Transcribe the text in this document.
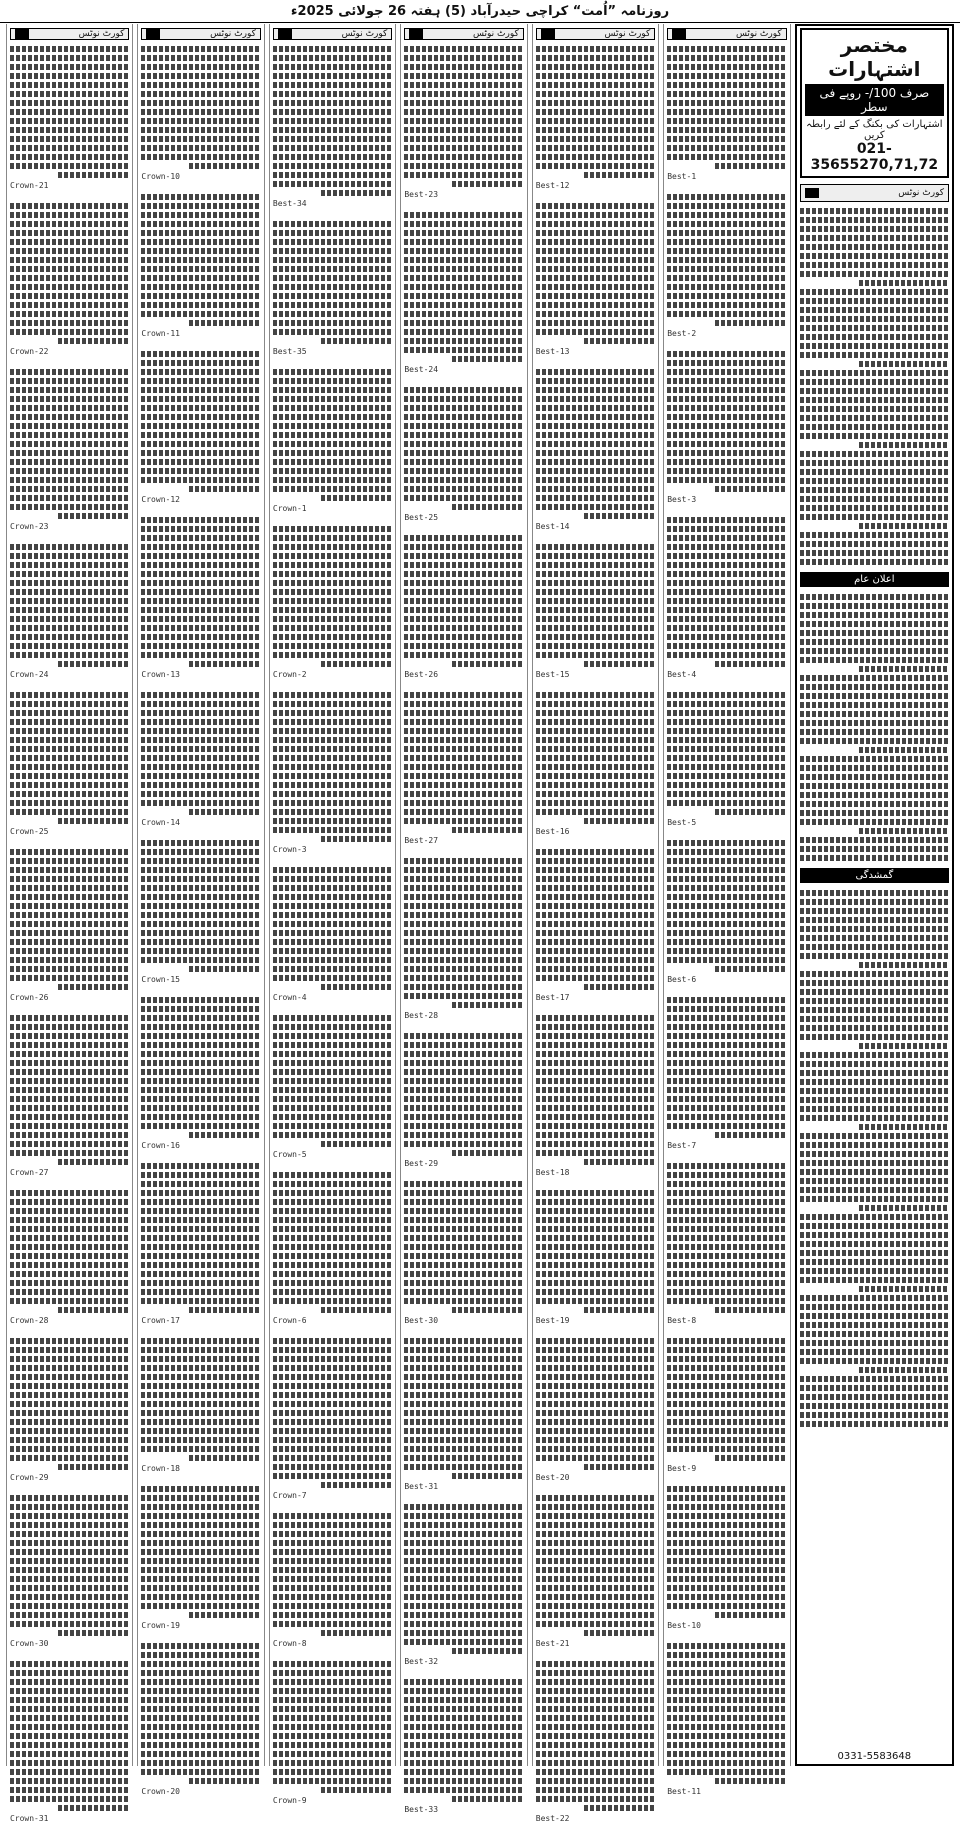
روزنامہ ”اُمت“ کراچی حیدرآباد (5) ہفتہ 26 جولائی 2025ء
مختصر اشتہارات
صرف 100/- روپے فی سطر
اشتہارات کی بکنگ کے لئے رابطہ کریں
021-35655270,71,72
کورٹ نوٹس
اعلان عام
گمشدگی
0331-5583648
کورٹ نوٹس
Best-1
Best-2
Best-3
Best-4
Best-5
Best-6
Best-7
Best-8
Best-9
Best-10
Best-11
کورٹ نوٹس
Best-12
Best-13
Best-14
Best-15
Best-16
Best-17
Best-18
Best-19
Best-20
Best-21
Best-22
کورٹ نوٹس
Best-23
Best-24
Best-25
Best-26
Best-27
Best-28
Best-29
Best-30
Best-31
Best-32
Best-33
کورٹ نوٹس
Best-34
Best-35
Crown-1
Crown-2
Crown-3
Crown-4
Crown-5
Crown-6
Crown-7
Crown-8
Crown-9
کورٹ نوٹس
Crown-10
Crown-11
Crown-12
Crown-13
Crown-14
Crown-15
Crown-16
Crown-17
Crown-18
Crown-19
Crown-20
کورٹ نوٹس
Crown-21
Crown-22
Crown-23
Crown-24
Crown-25
Crown-26
Crown-27
Crown-28
Crown-29
Crown-30
Crown-31
